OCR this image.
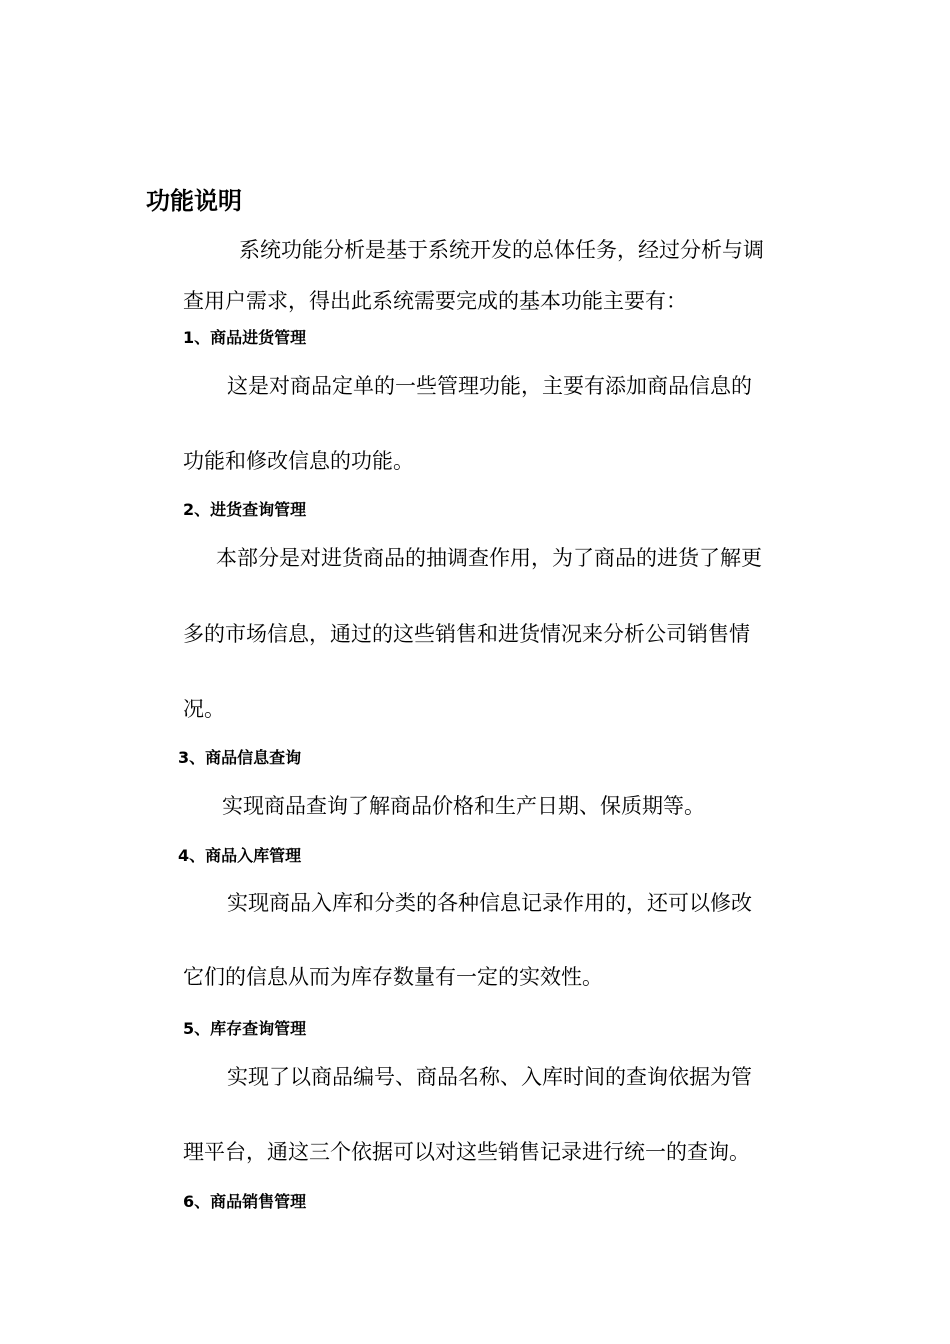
功能说明

系统功能分析是基于系统开发的总体任务，经过分析与调

查用户需求，得出此系统需要完成的基本功能主要有：

1、商品进货管理

这是对商品定单的一些管理功能，主要有添加商品信息的

功能和修改信息的功能。

2、进货查询管理

本部分是对进货商品的抽调查作用，为了商品的进货了解更

多的市场信息，通过的这些销售和进货情况来分析公司销售情

况。

3、商品信息查询

实现商品查询了解商品价格和生产日期、保质期等。

4、商品入库管理

实现商品入库和分类的各种信息记录作用的，还可以修改

它们的信息从而为库存数量有一定的实效性。

5、库存查询管理

实现了以商品编号、商品名称、入库时间的查询依据为管

理平台，通这三个依据可以对这些销售记录进行统一的查询。

6、商品销售管理
